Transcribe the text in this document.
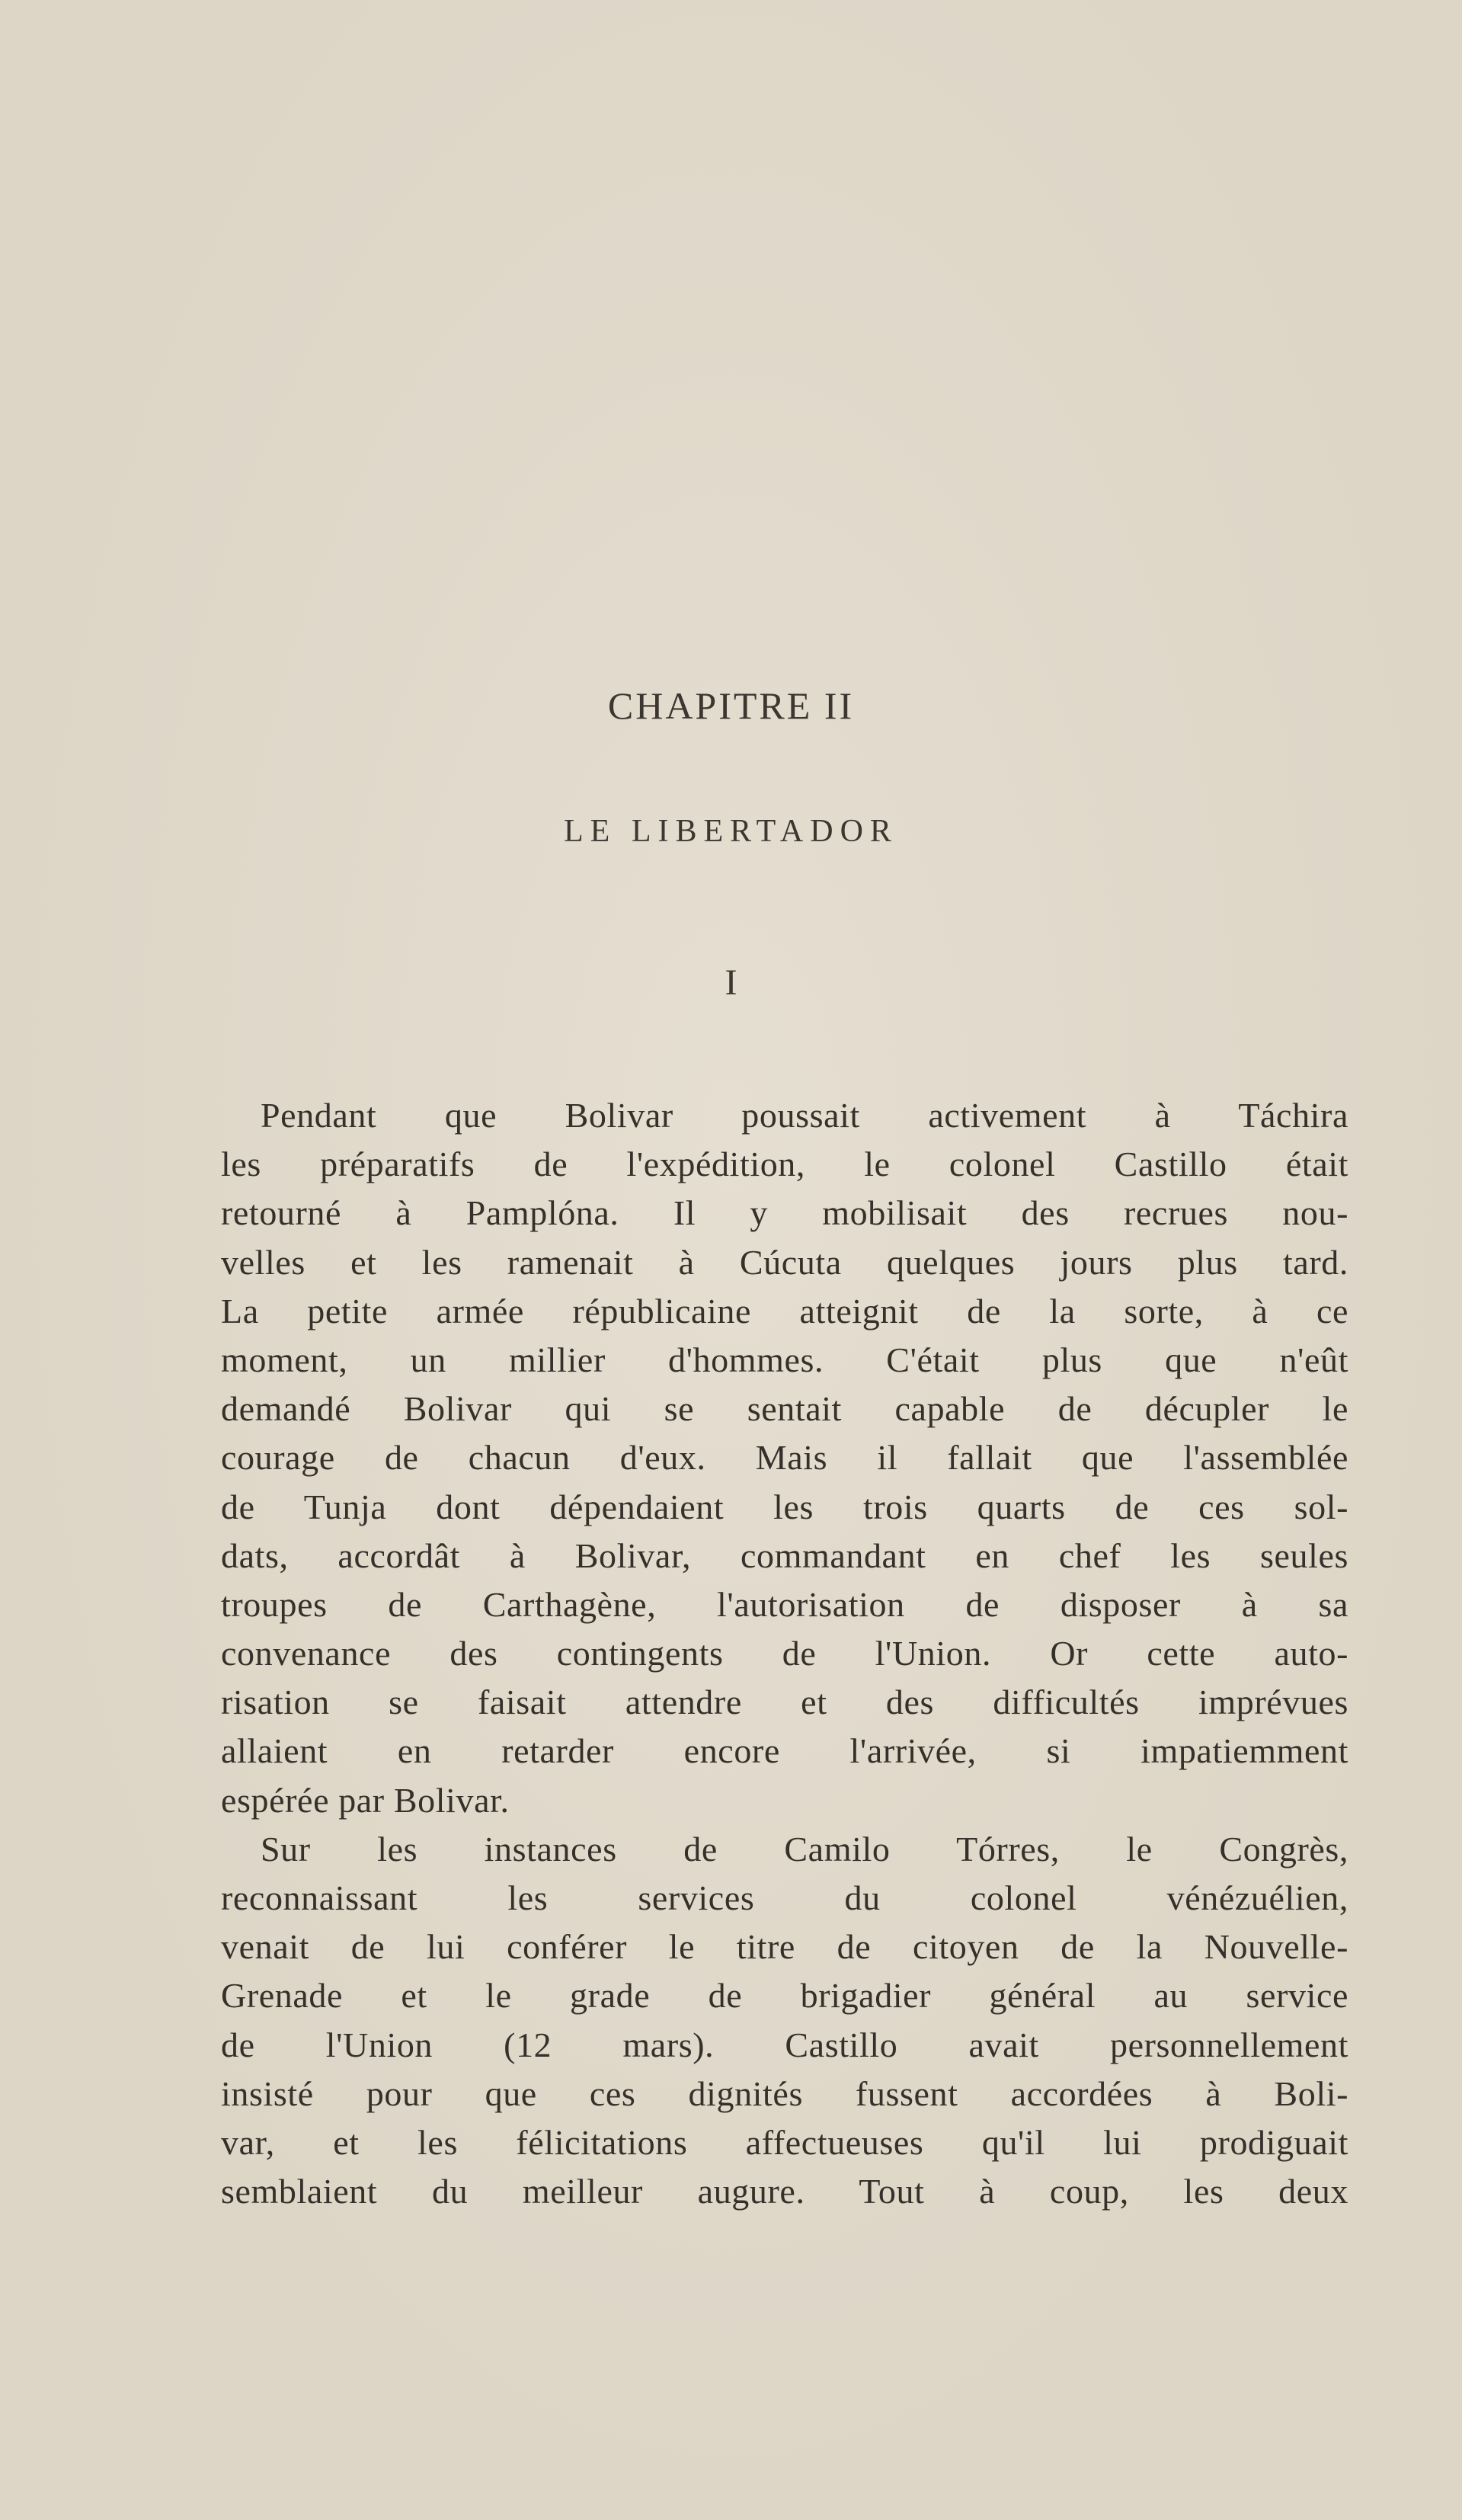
CHAPITRE II
LE LIBERTADOR
I
Pendant que Bolivar poussait activement à Táchira
les préparatifs de l'expédition, le colonel Castillo était
retourné à Pamplóna. Il y mobilisait des recrues nou-
velles et les ramenait à Cúcuta quelques jours plus tard.
La petite armée républicaine atteignit de la sorte, à ce
moment, un millier d'hommes. C'était plus que n'eût
demandé Bolivar qui se sentait capable de décupler le
courage de chacun d'eux. Mais il fallait que l'assemblée
de Tunja dont dépendaient les trois quarts de ces sol-
dats, accordât à Bolivar, commandant en chef les seules
troupes de Carthagène, l'autorisation de disposer à sa
convenance des contingents de l'Union. Or cette auto-
risation se faisait attendre et des difficultés imprévues
allaient en retarder encore l'arrivée, si impatiemment
espérée par Bolivar.
Sur les instances de Camilo Tórres, le Congrès,
reconnaissant les services du colonel vénézuélien,
venait de lui conférer le titre de citoyen de la Nouvelle-
Grenade et le grade de brigadier général au service
de l'Union (12 mars). Castillo avait personnellement
insisté pour que ces dignités fussent accordées à Boli-
var, et les félicitations affectueuses qu'il lui prodiguait
semblaient du meilleur augure. Tout à coup, les deux
